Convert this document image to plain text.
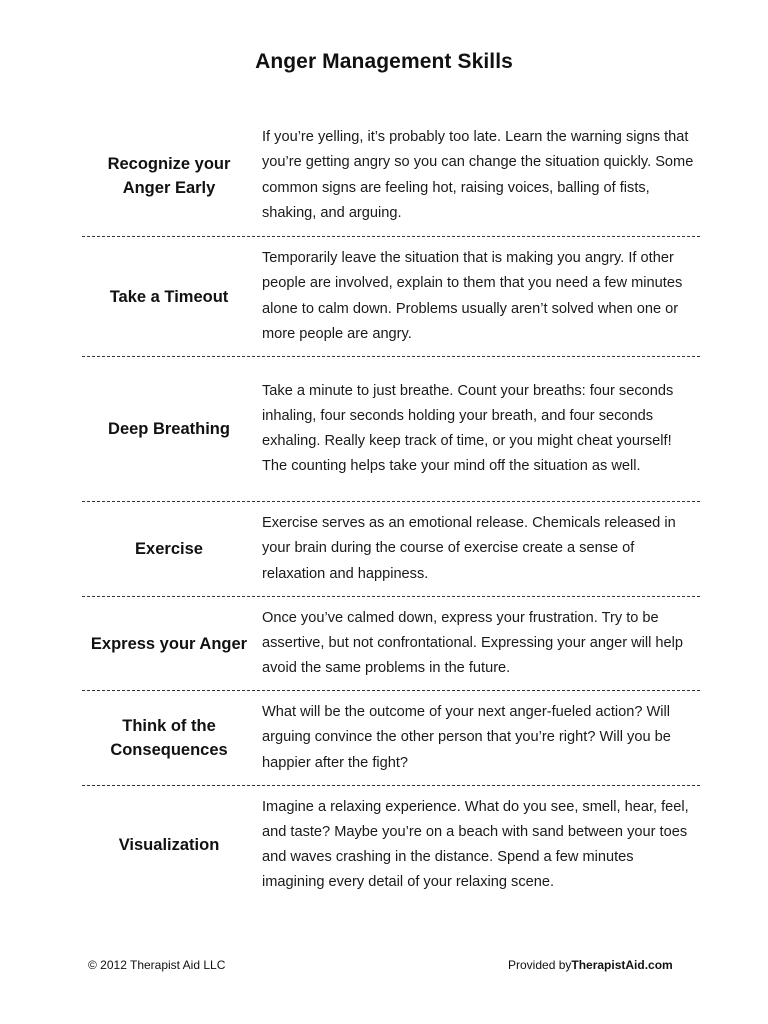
Anger Management Skills
Recognize your Anger Early
If you’re yelling, it’s probably too late. Learn the warning signs that you’re getting angry so you can change the situation quickly. Some common signs are feeling hot, raising voices, balling of fists, shaking, and arguing.
Take a Timeout
Temporarily leave the situation that is making you angry. If other people are involved, explain to them that you need a few minutes alone to calm down. Problems usually aren’t solved when one or more people are angry.
Deep Breathing
Take a minute to just breathe. Count your breaths: four seconds inhaling, four seconds holding your breath, and four seconds exhaling. Really keep track of time, or you might cheat yourself! The counting helps take your mind off the situation as well.
Exercise
Exercise serves as an emotional release. Chemicals released in your brain during the course of exercise create a sense of relaxation and happiness.
Express your Anger
Once you’ve calmed down, express your frustration. Try to be assertive, but not confrontational. Expressing your anger will help avoid the same problems in the future.
Think of the Consequences
What will be the outcome of your next anger-fueled action? Will arguing convince the other person that you’re right? Will you be happier after the fight?
Visualization
Imagine a relaxing experience. What do you see, smell, hear, feel, and taste? Maybe you’re on a beach with sand between your toes and waves crashing in the distance. Spend a few minutes imagining every detail of your relaxing scene.
© 2012 Therapist Aid LLC	Provided byTherapistAid.com
